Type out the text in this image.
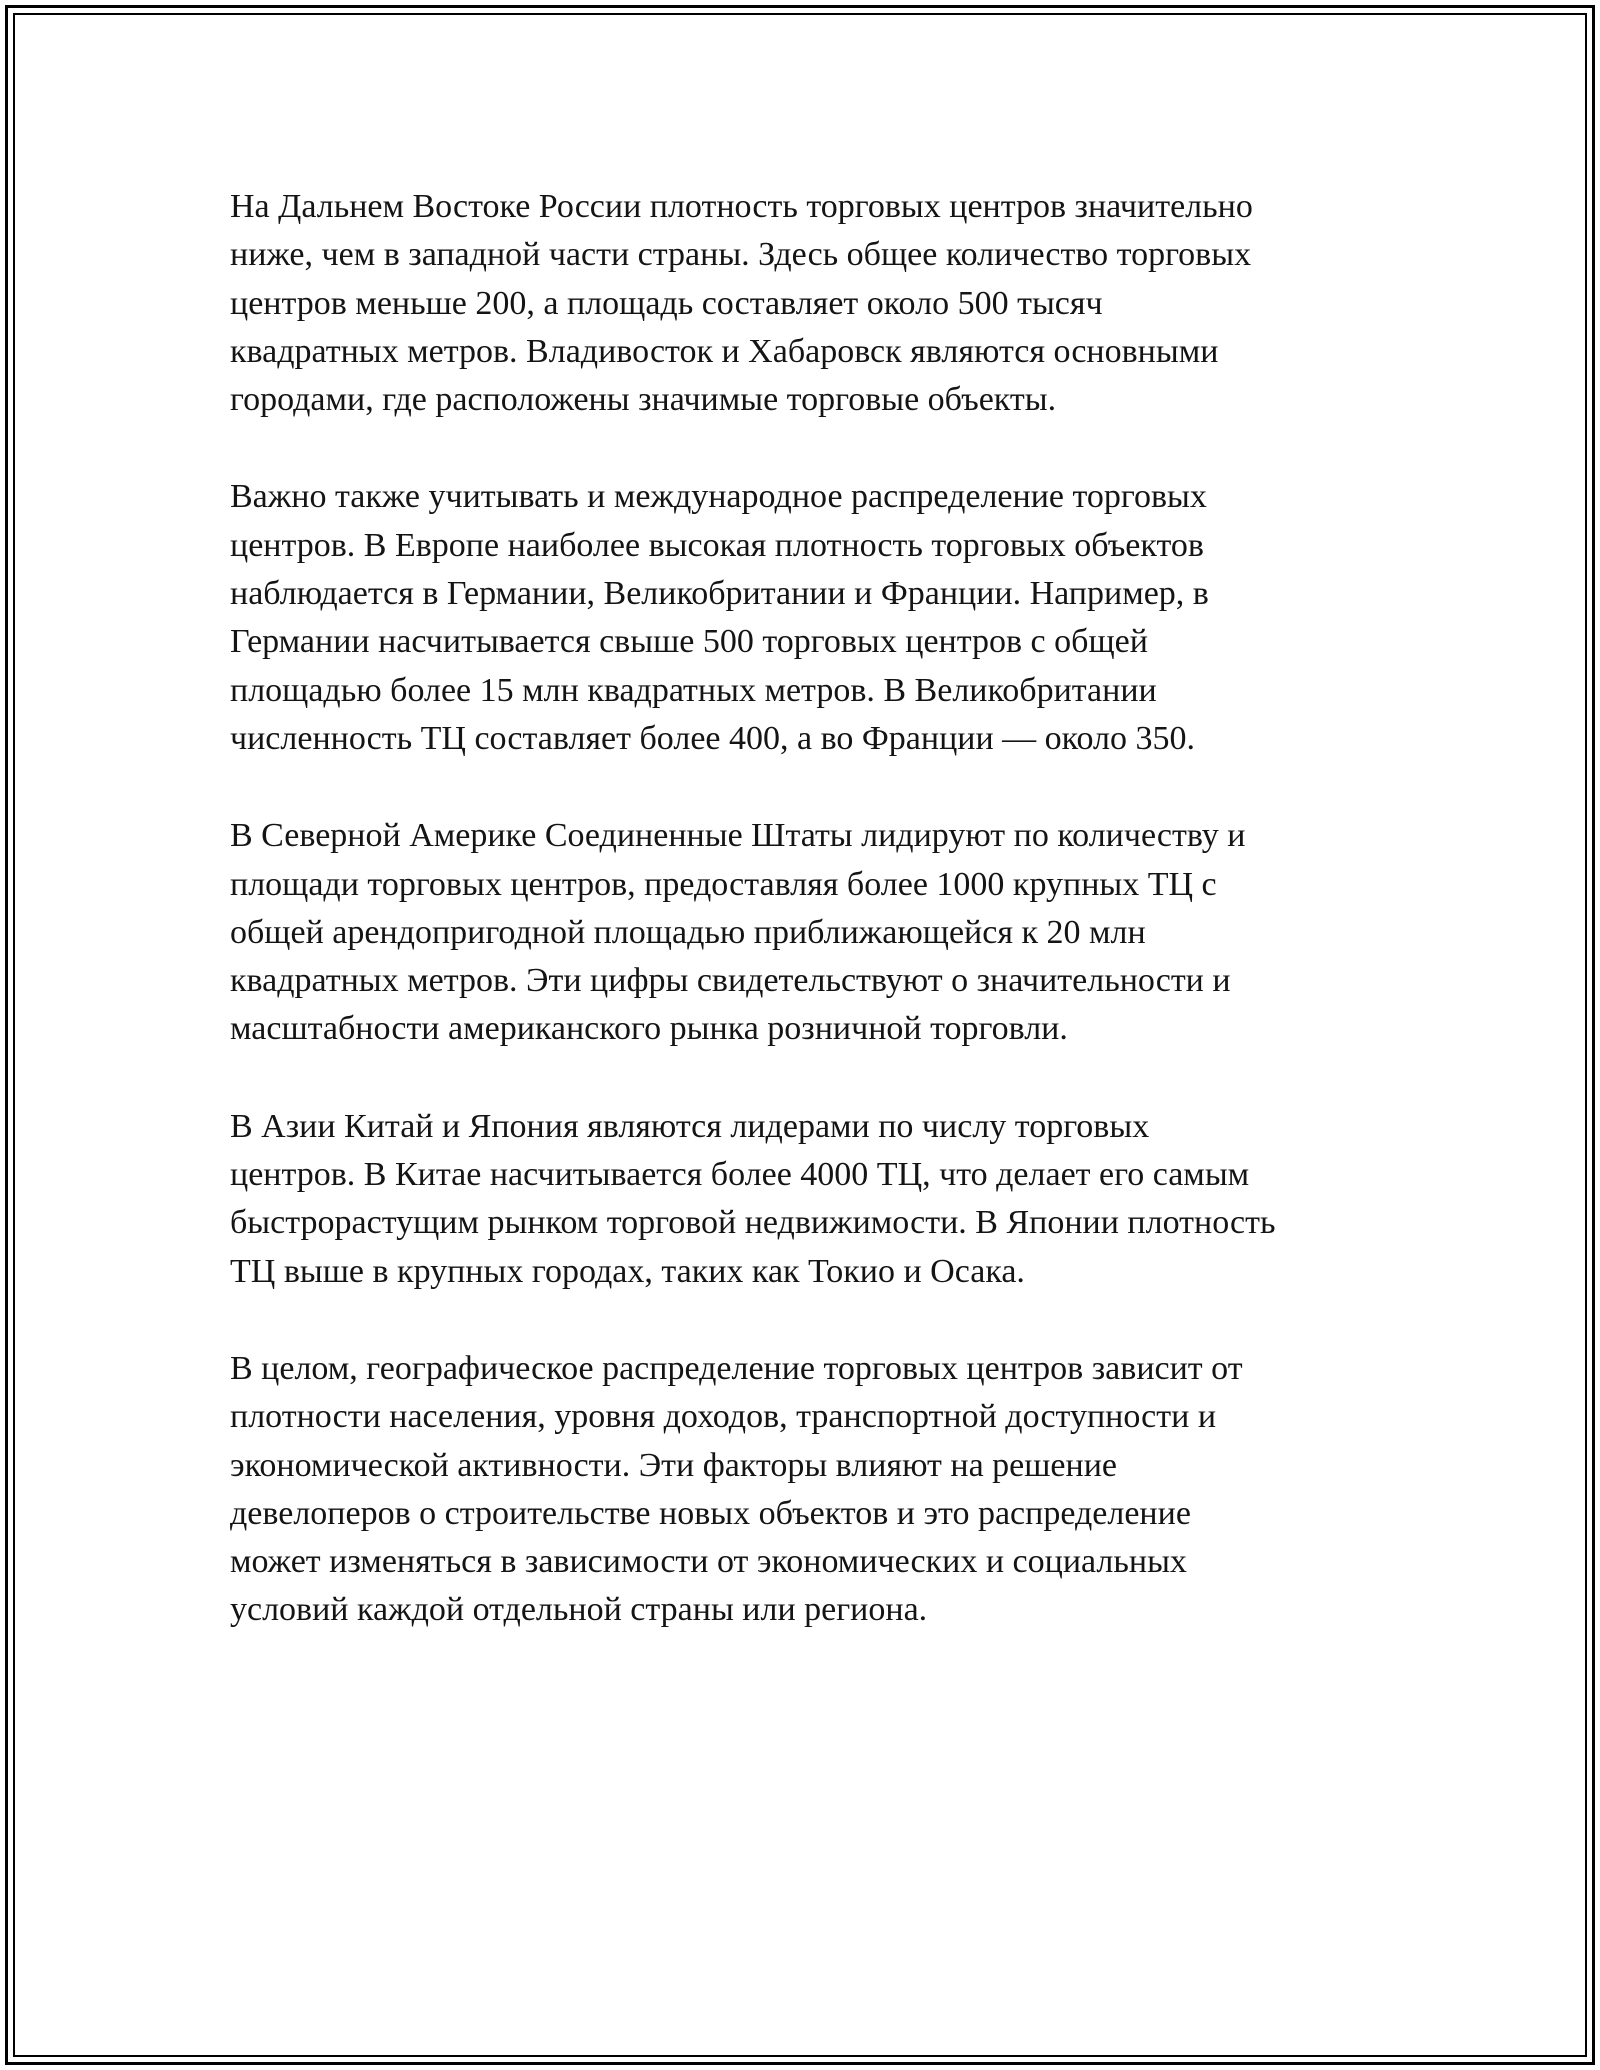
На Дальнем Востоке России плотность торговых центров значительно
ниже, чем в западной части страны. Здесь общее количество торговых
центров меньше 200, а площадь составляет около 500 тысяч
квадратных метров. Владивосток и Хабаровск являются основными
городами, где расположены значимые торговые объекты.

Важно также учитывать и международное распределение торговых
центров. В Европе наиболее высокая плотность торговых объектов
наблюдается в Германии, Великобритании и Франции. Например, в
Германии насчитывается свыше 500 торговых центров с общей
площадью более 15 млн квадратных метров. В Великобритании
численность ТЦ составляет более 400, а во Франции — около 350.

В Северной Америке Соединенные Штаты лидируют по количеству и
площади торговых центров, предоставляя более 1000 крупных ТЦ с
общей арендопригодной площадью приближающейся к 20 млн
квадратных метров. Эти цифры свидетельствуют о значительности и
масштабности американского рынка розничной торговли.

В Азии Китай и Япония являются лидерами по числу торговых
центров. В Китае насчитывается более 4000 ТЦ, что делает его самым
быстрорастущим рынком торговой недвижимости. В Японии плотность
ТЦ выше в крупных городах, таких как Токио и Осака.

В целом, географическое распределение торговых центров зависит от
плотности населения, уровня доходов, транспортной доступности и
экономической активности. Эти факторы влияют на решение
девелоперов о строительстве новых объектов и это распределение
может изменяться в зависимости от экономических и социальных
условий каждой отдельной страны или региона.
